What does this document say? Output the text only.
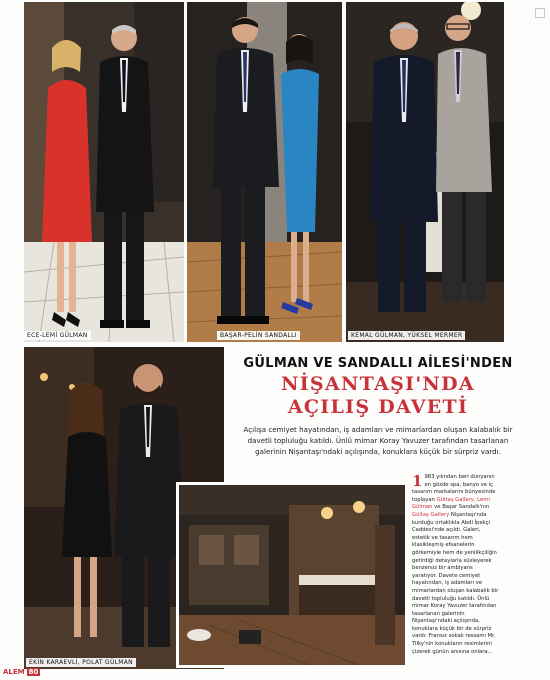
ECE-LEMİ GÜLMAN	BAŞAR-PELİN SANDALLI	KEMAL GÜLMAN, YÜKSEL MERMER
EKİN KARAEVLİ, POLAT GÜLMAN
GÜLMAN VE SANDALLI AİLESİ'NDEN
NİŞANTAŞI'NDA
AÇILIŞ DAVETİ
Açılışa cemiyet hayatından, iş adamları ve mimarlardan oluşan kalabalık bir davetli topluluğu katıldı. Ünlü mimar Koray Yavuzer tarafından tasarlanan galerinin Nişantaşı'ndaki açılışında, konuklara küçük bir sürpriz vardı.
1 983 yılından beri dünyanın en gözde spa, banyo ve iç tasarım markalarını bünyesinde toplayan Gültaş Gallery, Lemi Gülman ve Başar Sandallı'nın Gültaş Gallery Nişantaşı'nda kurduğu ortaklıkla Abdi İpekçi Caddesi'nde açıldı. Galeri, estetik ve tasarım hem klasikleşmiş efsanelerin görkemiyle hem de yenilikçiliğin getirdiği detaylarla süsleyerek benzersiz bir ambiyans yaratıyor. Davete cemiyet hayatından, iş adamları ve mimarlardan oluşan kalabalık bir davetli topluluğu katıldı. Ünlü mimar Koray Yavuzer tarafından tasarlanan galerinin Nişantaşı'ndaki açılışında, konuklara küçük bir de sürpriz vardı: Fransız sokak ressamı Mr. Tilky'nin konukların resimlerini çizerek günün anısına onlara...
ALEM 80
